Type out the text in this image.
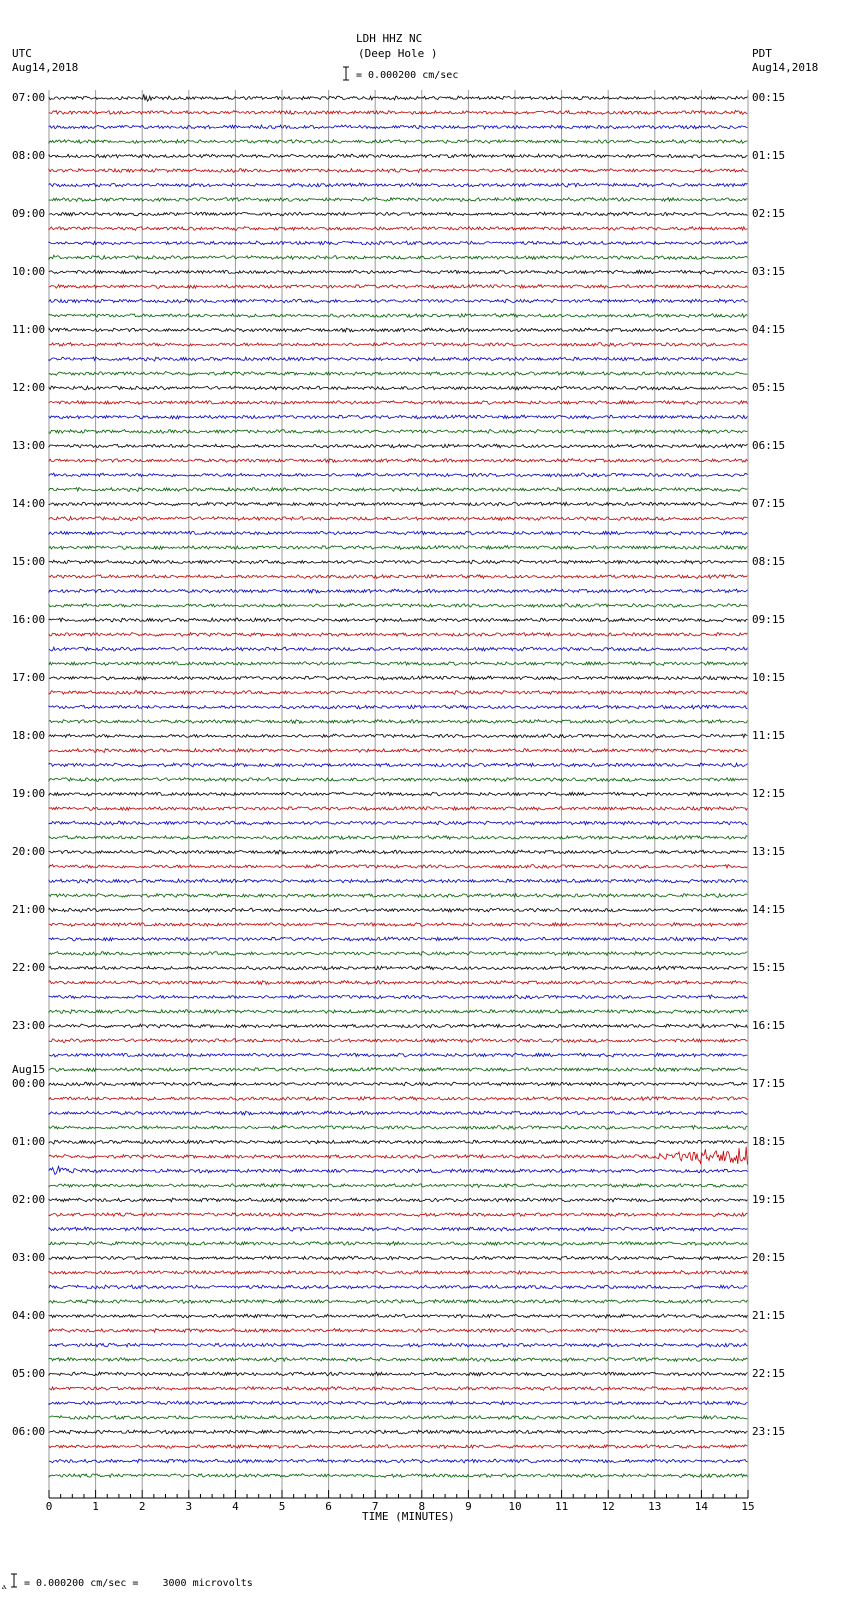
0	1	2	3	4	5	6	7	8	9	10	11	12	13	14	15
LDH HHZ NC
(Deep Hole )
= 0.000200 cm/sec
UTC
Aug14,2018
PDT
Aug14,2018
TIME (MINUTES)
ⲁ = 0.000200 cm/sec =    3000 microvolts
07:00
08:00
09:00
10:00
11:00
12:00
13:00
14:00
15:00
16:00
17:00
18:00
19:00
20:00
21:00
22:00
23:00
00:00
Aug15
01:00
02:00
03:00
04:00
05:00
06:00
00:15
01:15
02:15
03:15
04:15
05:15
06:15
07:15
08:15
09:15
10:15
11:15
12:15
13:15
14:15
15:15
16:15
17:15
18:15
19:15
20:15
21:15
22:15
23:15
